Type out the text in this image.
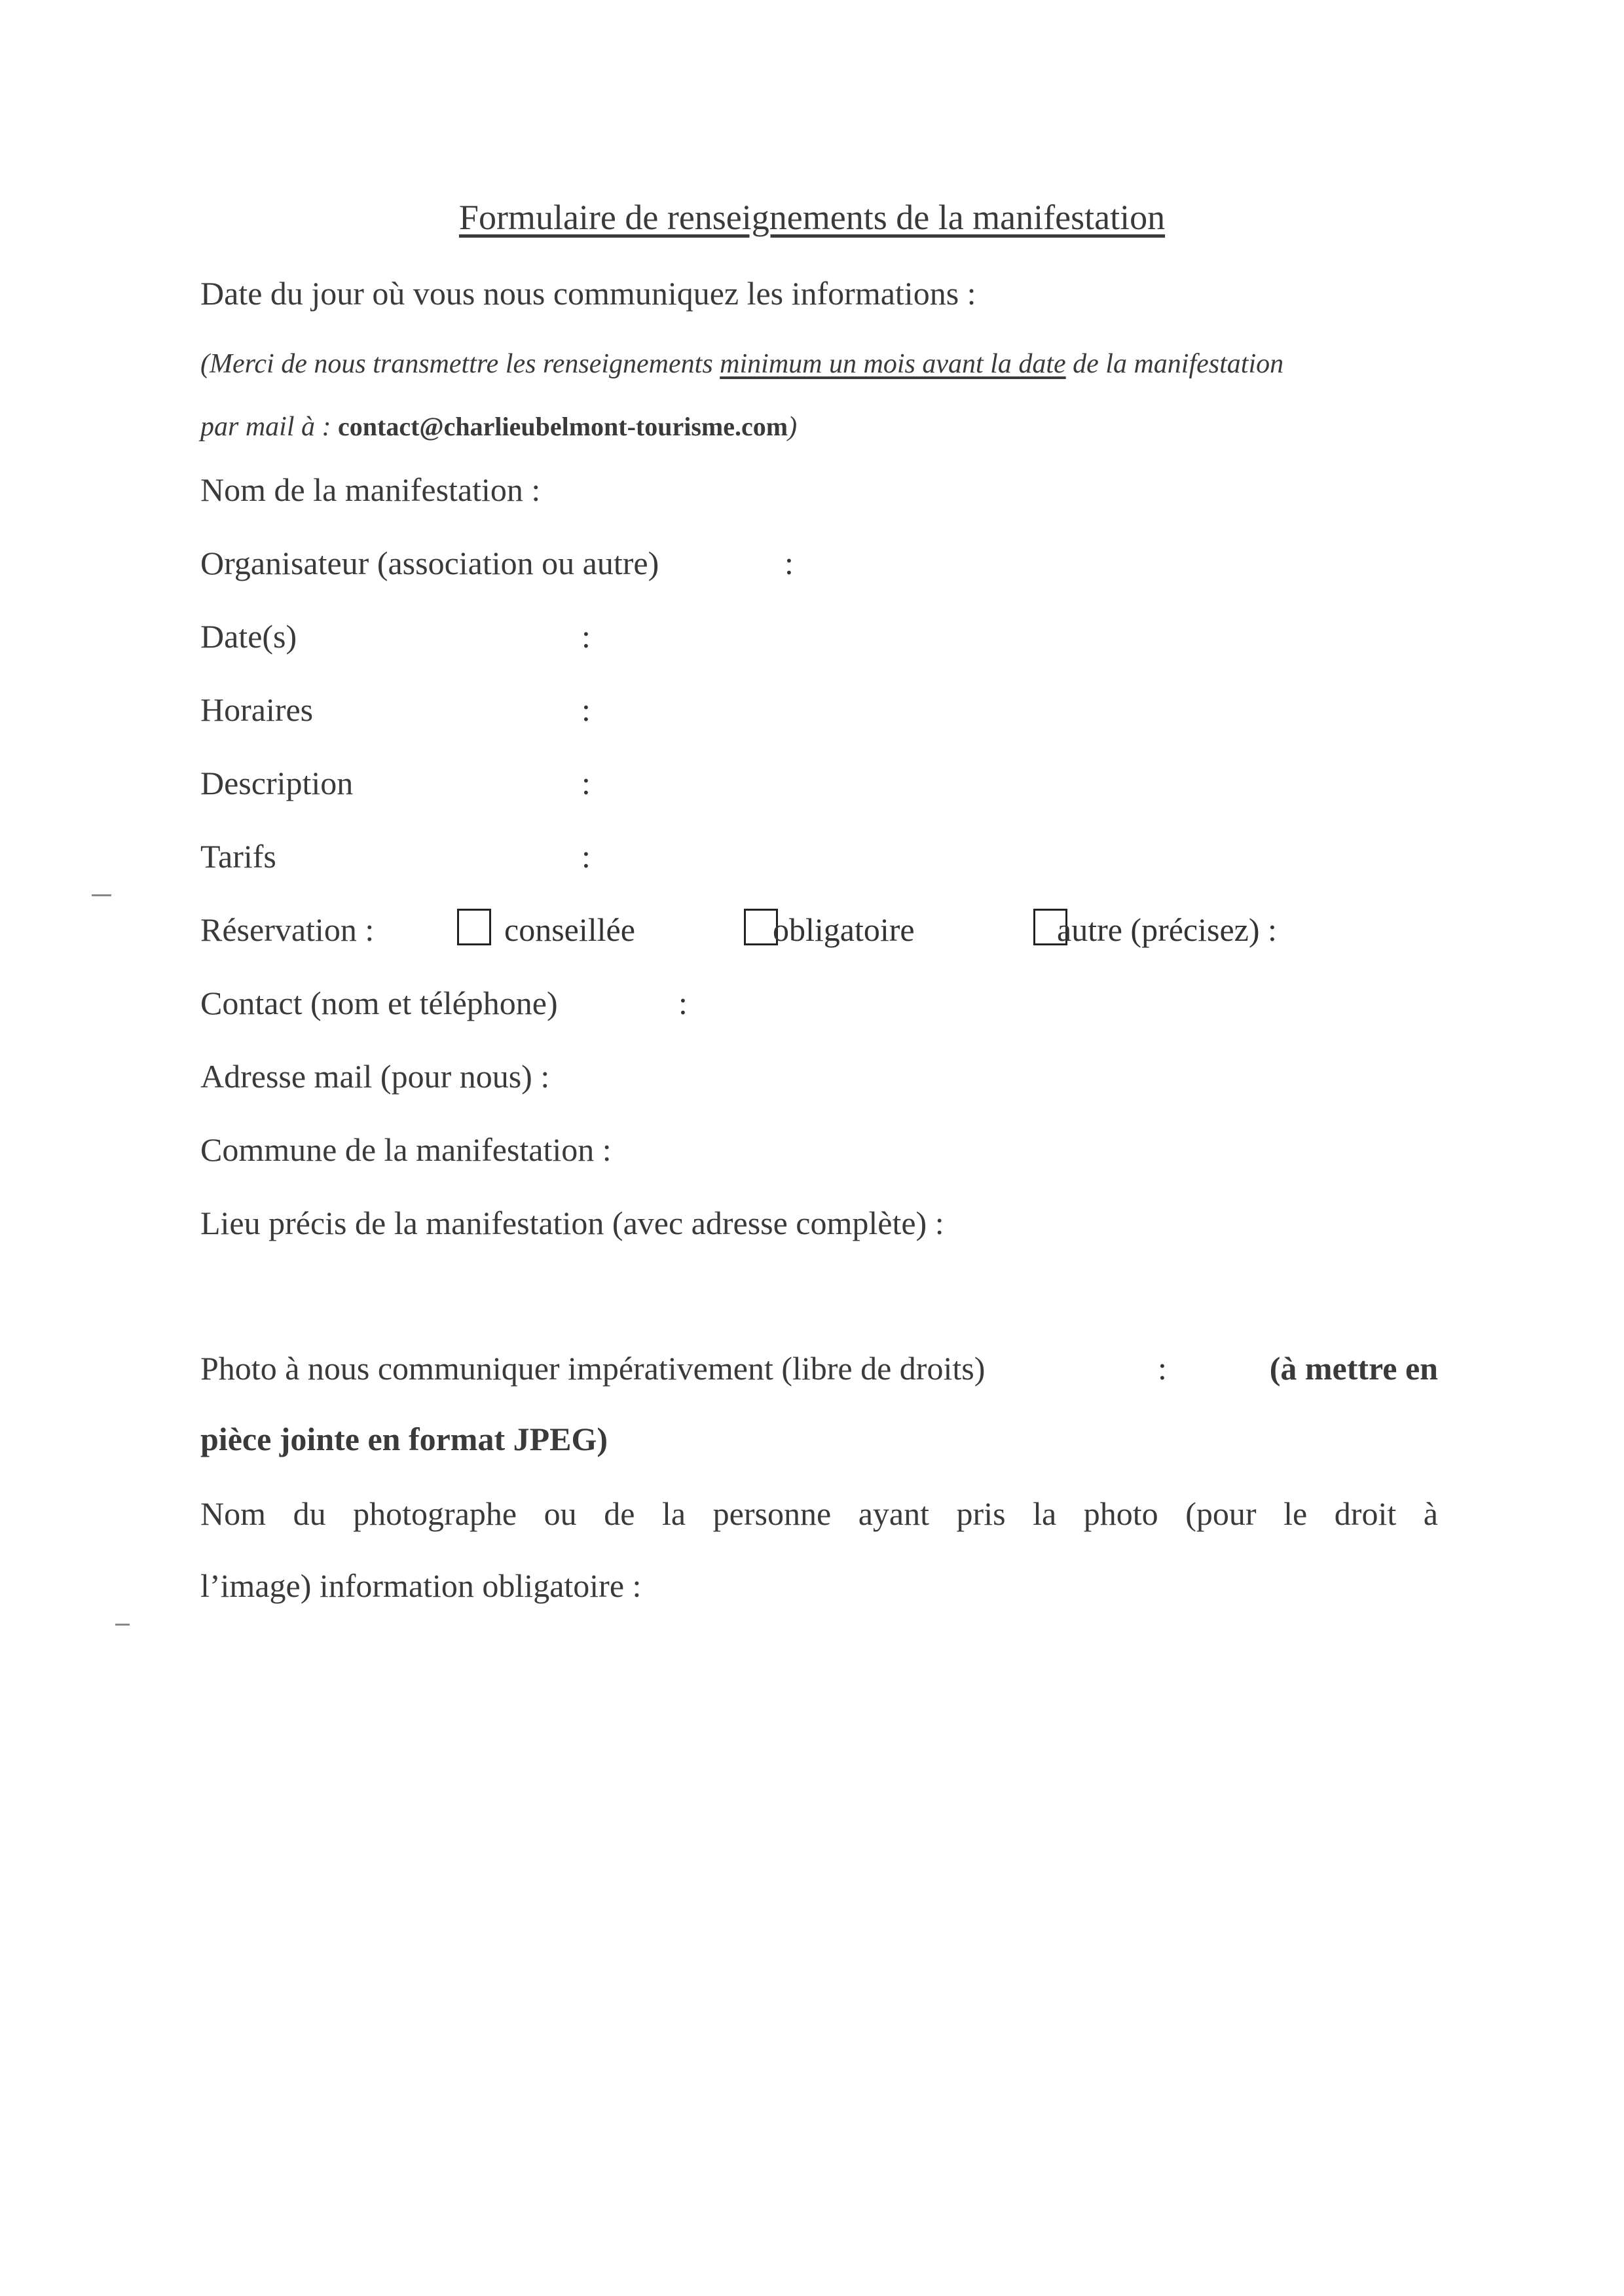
Formulaire de renseignements de la manifestation
Date du jour où vous nous communiquez les informations :
(Merci de nous transmettre les renseignements minimum un mois avant la date de la manifestation
par mail à : contact@charlieubelmont-tourisme.com)
Nom de la manifestation :
Organisateur (association ou autre)	:
Date(s)	:
Horaires	:
Description	:
Tarifs	:
Réservation :	conseillée	obligatoire	autre (précisez) :
Contact (nom et téléphone)	:
Adresse mail (pour nous) :
Commune de la manifestation :
Lieu précis de la manifestation (avec adresse complète) :
Photo à nous communiquer impérativement (libre de droits)	:	(à mettre en
pièce jointe en format JPEG)
Nom du photographe ou de la personne ayant pris la photo (pour le droit à
l’image) information obligatoire :
